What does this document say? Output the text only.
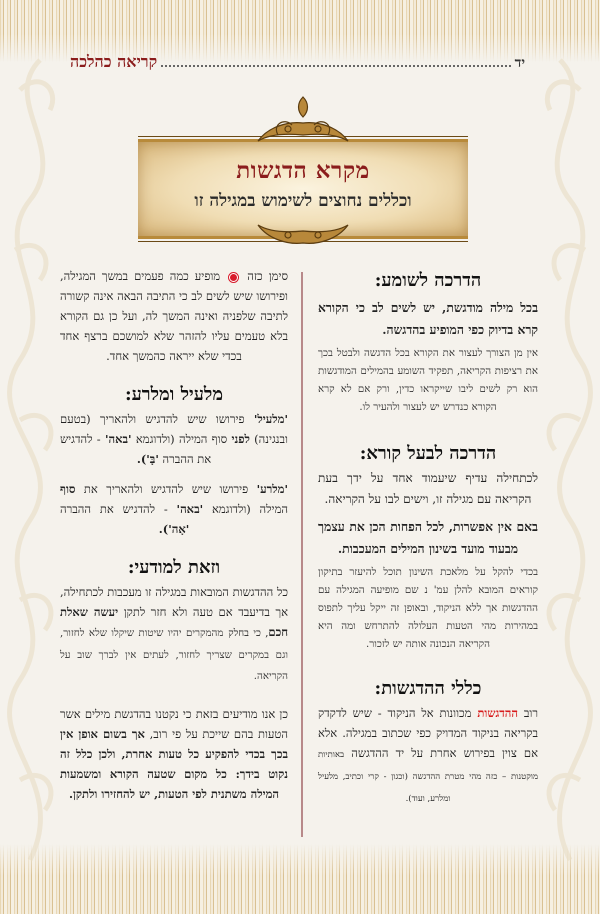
יד
קריאה כהלכה
מקרא הדגשות
וכללים נחוצים לשימוש במגילה זו
הדרכה לשומע:

בכל מילה מודגשת, יש לשים לב כי הקורא קרא בדיוק כפי המופיע בהדגשה.

אין מן הצורך לעצור את הקורא בכל הדגשה ולבטל בכך את רציפות הקריאה, תפקיד השומע בהמילים המודגשות הוא רק לשים ליבו שייקראו כדין, ורק אם לא קרא הקורא כנדרש יש לעצור ולהעיר לו.

הדרכה לבעל קורא:

לכתחילה עדיף שיעמוד אחד על ידך בעת הקריאה עם מגילה זו, וישים לבו על הקריאה.

באם אין אפשרות, לכל הפחות הכן את עצמך מבעוד מועד בשינון המילים המעכבות.

בכדי להקל על מלאכת השינון תוכל להיעזר בתיקון קוראים המובא להלן עמ' נ שם מופיעה המגילה עם ההדגשות אך ללא הניקוד, ובאופן זה ייקל עליך לתפוס במהירות מהי הטעות העלולה להתרחש ומה היא הקריאה הנכונה אותה יש לזכור.

כללי ההדגשות:

רוב ההדגשות מכוונות אל הניקוד - שיש לדקדק בקריאה בניקוד המדויק כפי שכתוב במגילה. אלא אם צוין בפירוש אחרת על יד ההדגשה באותיות מוקטנות – כזה מהי מטרת ההדגשה (וכגון - קרי וכתיב, מלעיל ומלרע, ועוד).

סימן כזה  מופיע כמה פעמים במשך המגילה, ופירושו שיש לשים לב כי התיבה הבאה אינה קשורה לתיבה שלפניה ואינה המשך לה, ועל כן גם הקורא בלא טעמים עליו להזהר שלא למושכם ברצף אחד בכדי שלא ייראה כהמשך אחד.

מלעיל ומלרע:

'מלעיל' פירושו שיש להדגיש ולהאריך (בטעם ובנגינה) לפני סוף המילה (ולדוגמא 'באה' - להדגיש את ההברה 'בָּ').

'מלרע' פירושו שיש להדגיש ולהאריך את סוף המילה (ולדוגמא 'באה' - להדגיש את ההברה 'אָה').

וזאת למודעי:

כל ההדגשות המובאות במגילה זו מעכבות לכתחילה, אך בדיעבד אם טעה ולא חזר לתקן יעשה שאלת חכם, כי בחלק מהמקרים יהיו שיטות שיקלו שלא לחזור, וגם במקרים שצריך לחזור, לעתים אין לברך שוב על הקריאה.

כן אנו מודיעים בזאת כי נקטנו בהדגשת מילים אשר הטעות בהם שייכת על פי רוב, אך בשום אופן אין בכך בכדי להפקיע כל טעות אחרת, ולכן כלל זה נקוט בידך: כל מקום שטעה הקורא ומשמעות המילה משתנית לפי הטעות, יש להחזירו ולתקן.
